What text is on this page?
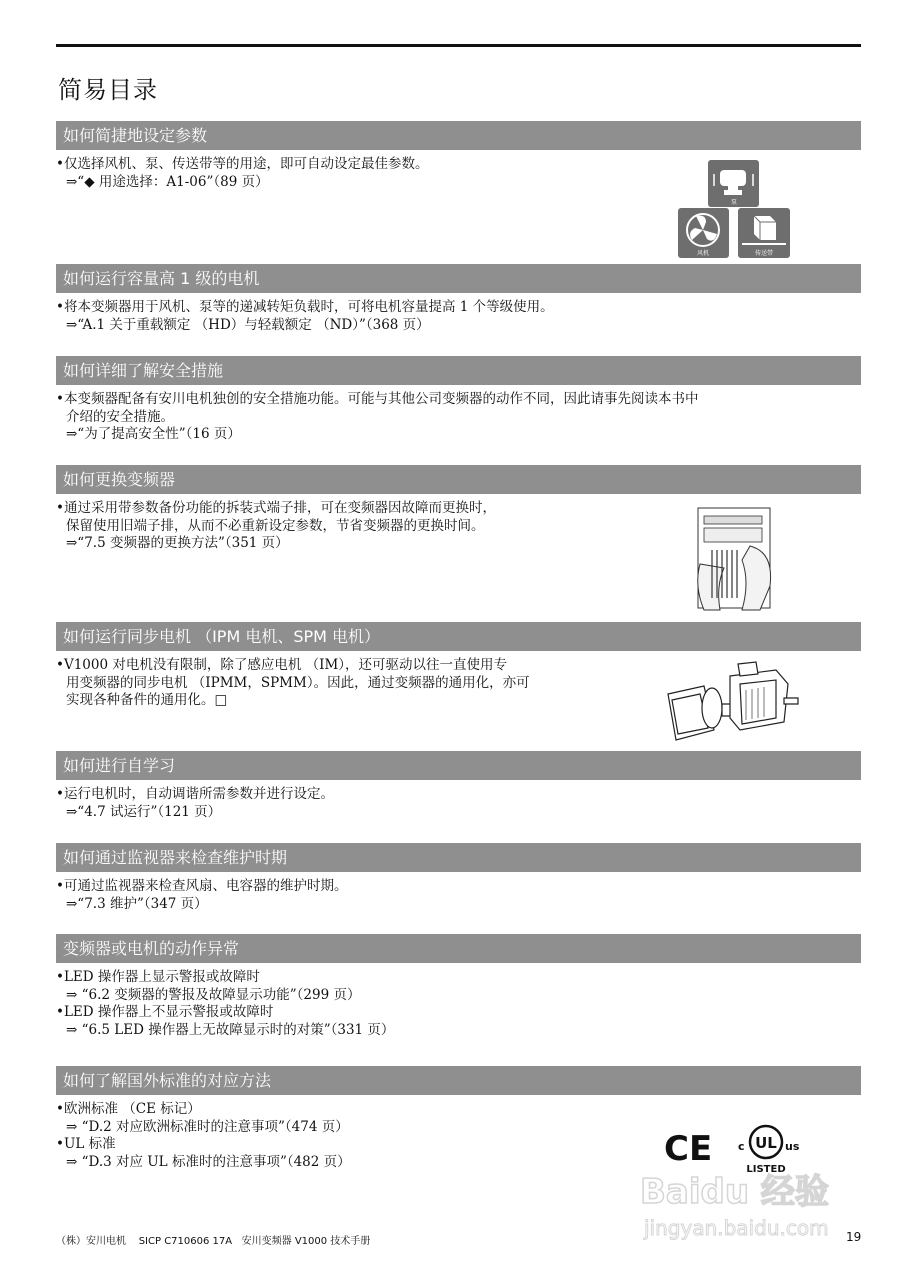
简易目录
如何简捷地设定参数
•仅选择风机、泵、传送带等的用途，即可自动设定最佳参数。
⇒“◆ 用途选择：A1-06”（89 页）
泵
风机	传送带
如何运行容量高 1 级的电机
•将本变频器用于风机、泵等的递减转矩负载时，可将电机容量提高 1 个等级使用。
⇒“A.1 关于重载额定 （HD）与轻载额定 （ND）”（368 页）
如何详细了解安全措施
•本变频器配备有安川电机独创的安全措施功能。可能与其他公司变频器的动作不同，因此请事先阅读本书中
介绍的安全措施。
⇒“为了提高安全性”（16 页）
如何更换变频器
•通过采用带参数备份功能的拆装式端子排，可在变频器因故障而更换时，
保留使用旧端子排，从而不必重新设定参数，节省变频器的更换时间。
⇒“7.5 变频器的更换方法”（351 页）
如何运行同步电机 （IPM 电机、SPM 电机）
•V1000 对电机没有限制，除了感应电机 （IM），还可驱动以往一直使用专
用变频器的同步电机 （IPMM，SPMM）。因此，通过变频器的通用化，亦可
实现各种备件的通用化。□
如何进行自学习
•运行电机时，自动调谐所需参数并进行设定。
⇒“4.7 试运行”（121 页）
如何通过监视器来检查维护时期
•可通过监视器来检查风扇、电容器的维护时期。
⇒“7.3 维护”（347 页）
变频器或电机的动作异常
•LED 操作器上显示警报或故障时
⇒ “6.2 变频器的警报及故障显示功能”（299 页）
•LED 操作器上不显示警报或故障时
⇒ “6.5 LED 操作器上无故障显示时的对策”（331 页）
如何了解国外标准的对应方法
•欧洲标准 （CE 标记）
⇒ “D.2 对应欧洲标准时的注意事项”（474 页）
•UL 标准
⇒ “D.3 对应 UL 标准时的注意事项”（482 页）	CE c UL us
LISTED
Baidu 经验
jingyan.baidu.com
（株）安川电机    SICP C710606 17A   安川变频器 V1000 技术手册	19
